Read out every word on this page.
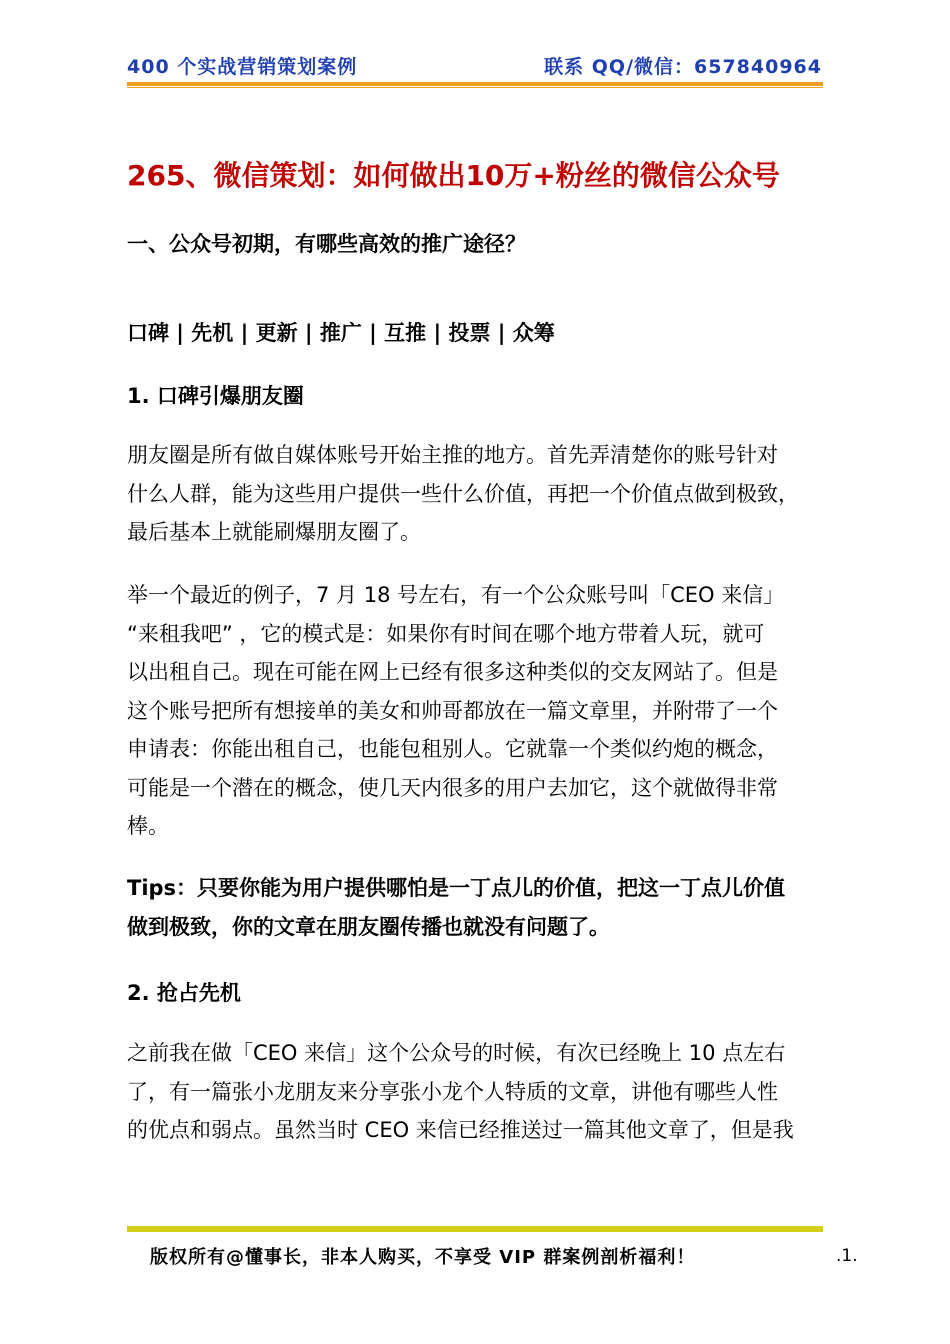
400 个实战营销策划案例	联系 QQ/微信：657840964
265、微信策划：如何做出10万+粉丝的微信公众号
一、公众号初期，有哪些高效的推广途径？
口碑 | 先机 | 更新 | 推广 | 互推 | 投票 | 众筹
1. 口碑引爆朋友圈
朋友圈是所有做自媒体账号开始主推的地方。首先弄清楚你的账号针对
什么人群，能为这些用户提供一些什么价值，再把一个价值点做到极致，
最后基本上就能刷爆朋友圈了。
举一个最近的例子，7 月 18 号左右，有一个公众账号叫「CEO 来信」
“来租我吧” ，它的模式是：如果你有时间在哪个地方带着人玩，就可
以出租自己。现在可能在网上已经有很多这种类似的交友网站了。但是
这个账号把所有想接单的美女和帅哥都放在一篇文章里，并附带了一个
申请表：你能出租自己，也能包租别人。它就靠一个类似约炮的概念，
可能是一个潜在的概念，使几天内很多的用户去加它，这个就做得非常
棒。
Tips：只要你能为用户提供哪怕是一丁点儿的价值，把这一丁点儿价值
做到极致，你的文章在朋友圈传播也就没有问题了。
2. 抢占先机
之前我在做「CEO 来信」这个公众号的时候，有次已经晚上 10 点左右
了，有一篇张小龙朋友来分享张小龙个人特质的文章，讲他有哪些人性
的优点和弱点。虽然当时 CEO 来信已经推送过一篇其他文章了，但是我
版权所有@懂事长，非本人购买，不享受 VIP 群案例剖析福利！	.1.
